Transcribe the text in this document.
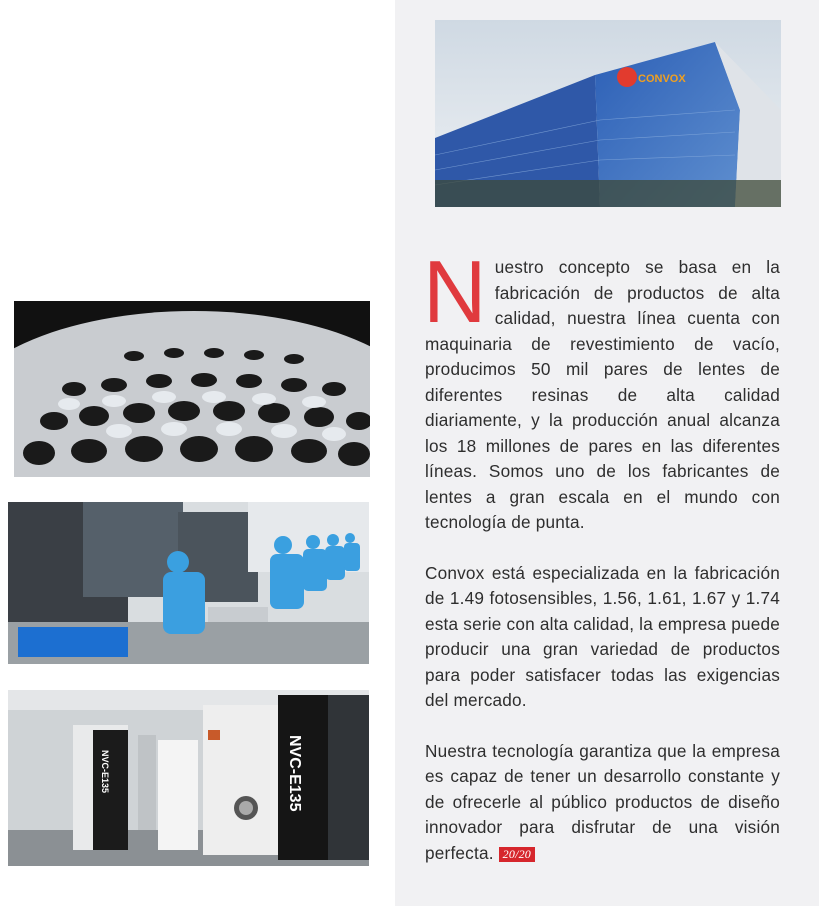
CONVOX
NVC-E135	NVC-E135

Nuestro concepto se basa en la fabricación de productos de alta calidad, nuestra línea cuenta con maquinaria de revestimiento de vacío, producimos 50 mil pares de lentes de diferentes resinas de alta calidad diariamente, y la producción anual alcanza los 18 millones de pares en las diferentes líneas. Somos uno de los fabricantes de lentes a gran escala en el mundo con tecnología de punta.

Convox está especializada en la fabricación de 1.49 fotosensibles, 1.56, 1.61, 1.67 y 1.74 esta serie con alta calidad, la empresa puede producir una gran variedad de productos para poder satisfacer todas las exigencias del mercado.

Nuestra tecnología garantiza que la empresa es capaz de tener un desarrollo constante y de ofrecerle al público productos de diseño innovador para disfrutar de una visión perfecta. 20/20
